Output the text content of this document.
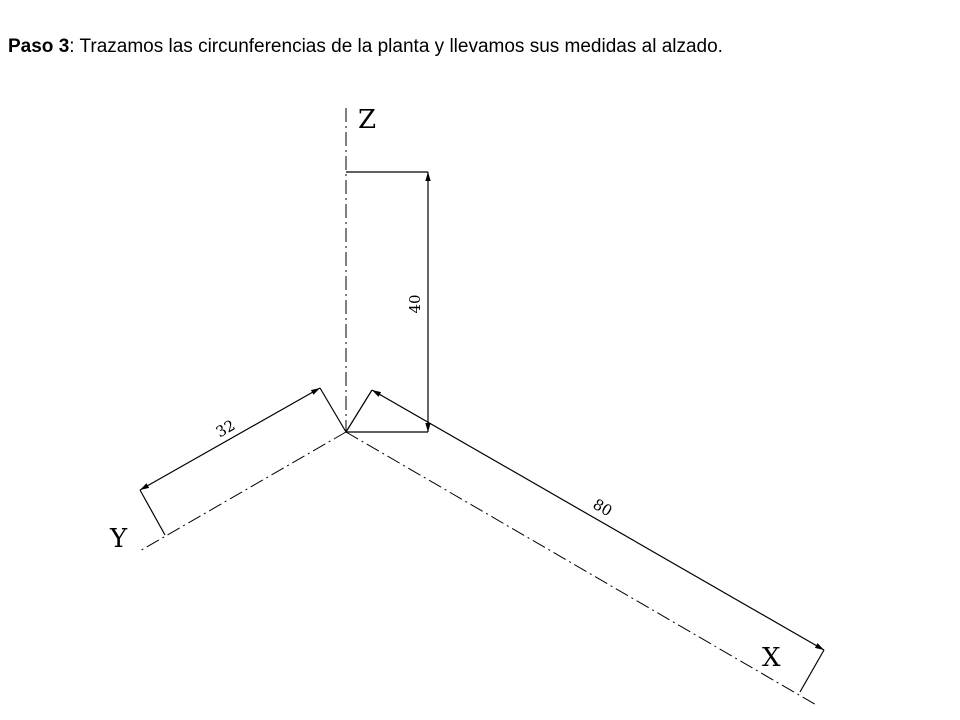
Paso 3: Trazamos las circunferencias de la planta y llevamos sus medidas al alzado.
Z
X
Y
40
32
80
